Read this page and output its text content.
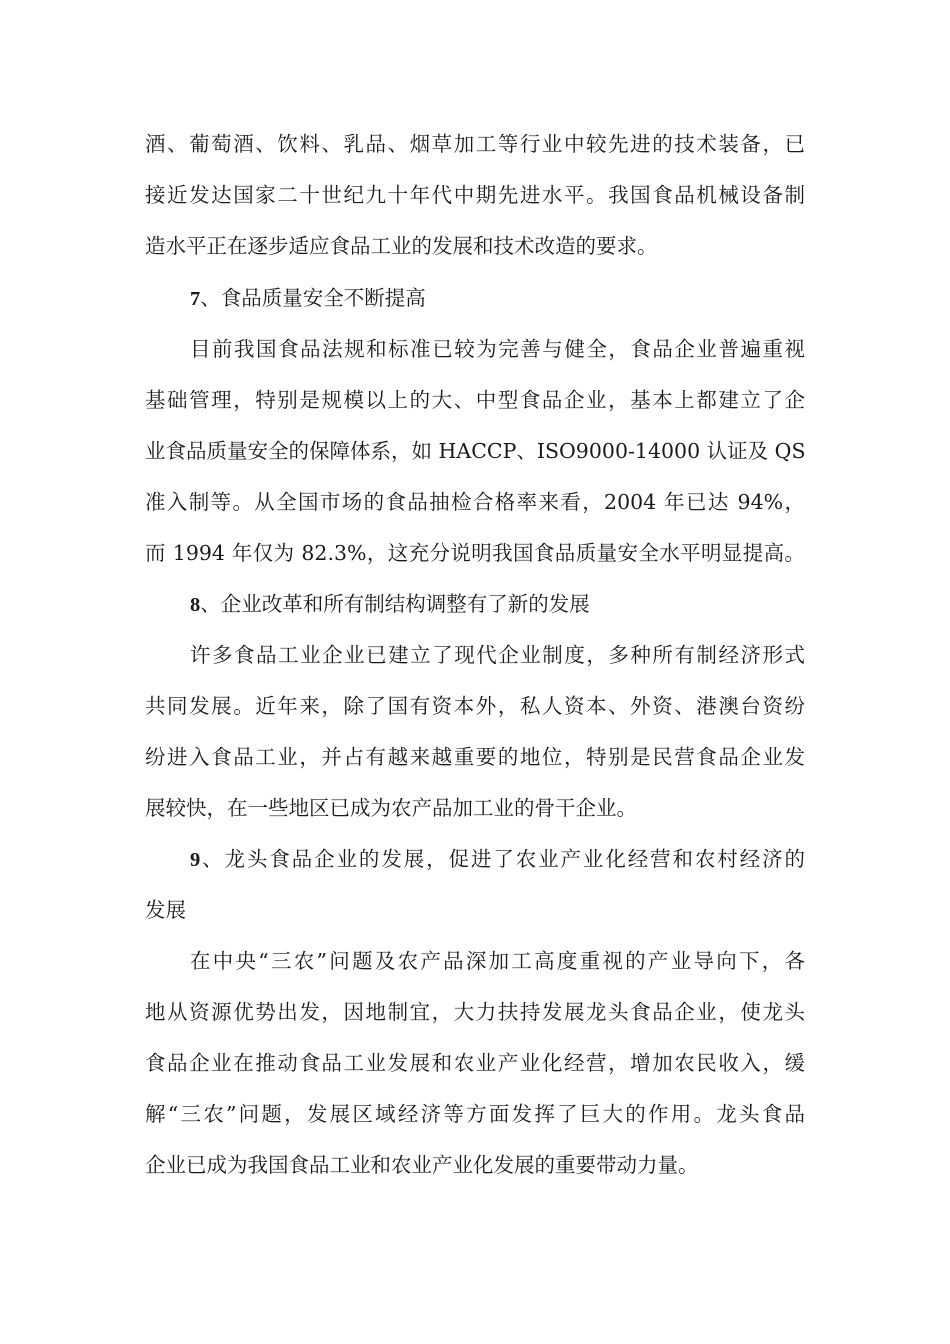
酒、葡萄酒、饮料、乳品、烟草加工等行业中较先进的技术装备，已
接近发达国家二十世纪九十年代中期先进水平。我国食品机械设备制
造水平正在逐步适应食品工业的发展和技术改造的要求。
7、食品质量安全不断提高
目前我国食品法规和标准已较为完善与健全，食品企业普遍重视
基础管理，特别是规模以上的大、中型食品企业，基本上都建立了企
业食品质量安全的保障体系，如 HACCP、ISO9000-14000 认证及 QS
准入制等。从全国市场的食品抽检合格率来看，2004 年已达 94%，
而 1994 年仅为 82.3%，这充分说明我国食品质量安全水平明显提高。
8、企业改革和所有制结构调整有了新的发展
许多食品工业企业已建立了现代企业制度，多种所有制经济形式
共同发展。近年来，除了国有资本外，私人资本、外资、港澳台资纷
纷进入食品工业，并占有越来越重要的地位，特别是民营食品企业发
展较快，在一些地区已成为农产品加工业的骨干企业。
9、龙头食品企业的发展，促进了农业产业化经营和农村经济的
发展
在中央“三农”问题及农产品深加工高度重视的产业导向下，各
地从资源优势出发，因地制宜，大力扶持发展龙头食品企业，使龙头
食品企业在推动食品工业发展和农业产业化经营，增加农民收入，缓
解“三农”问题，发展区域经济等方面发挥了巨大的作用。龙头食品
企业已成为我国食品工业和农业产业化发展的重要带动力量。
